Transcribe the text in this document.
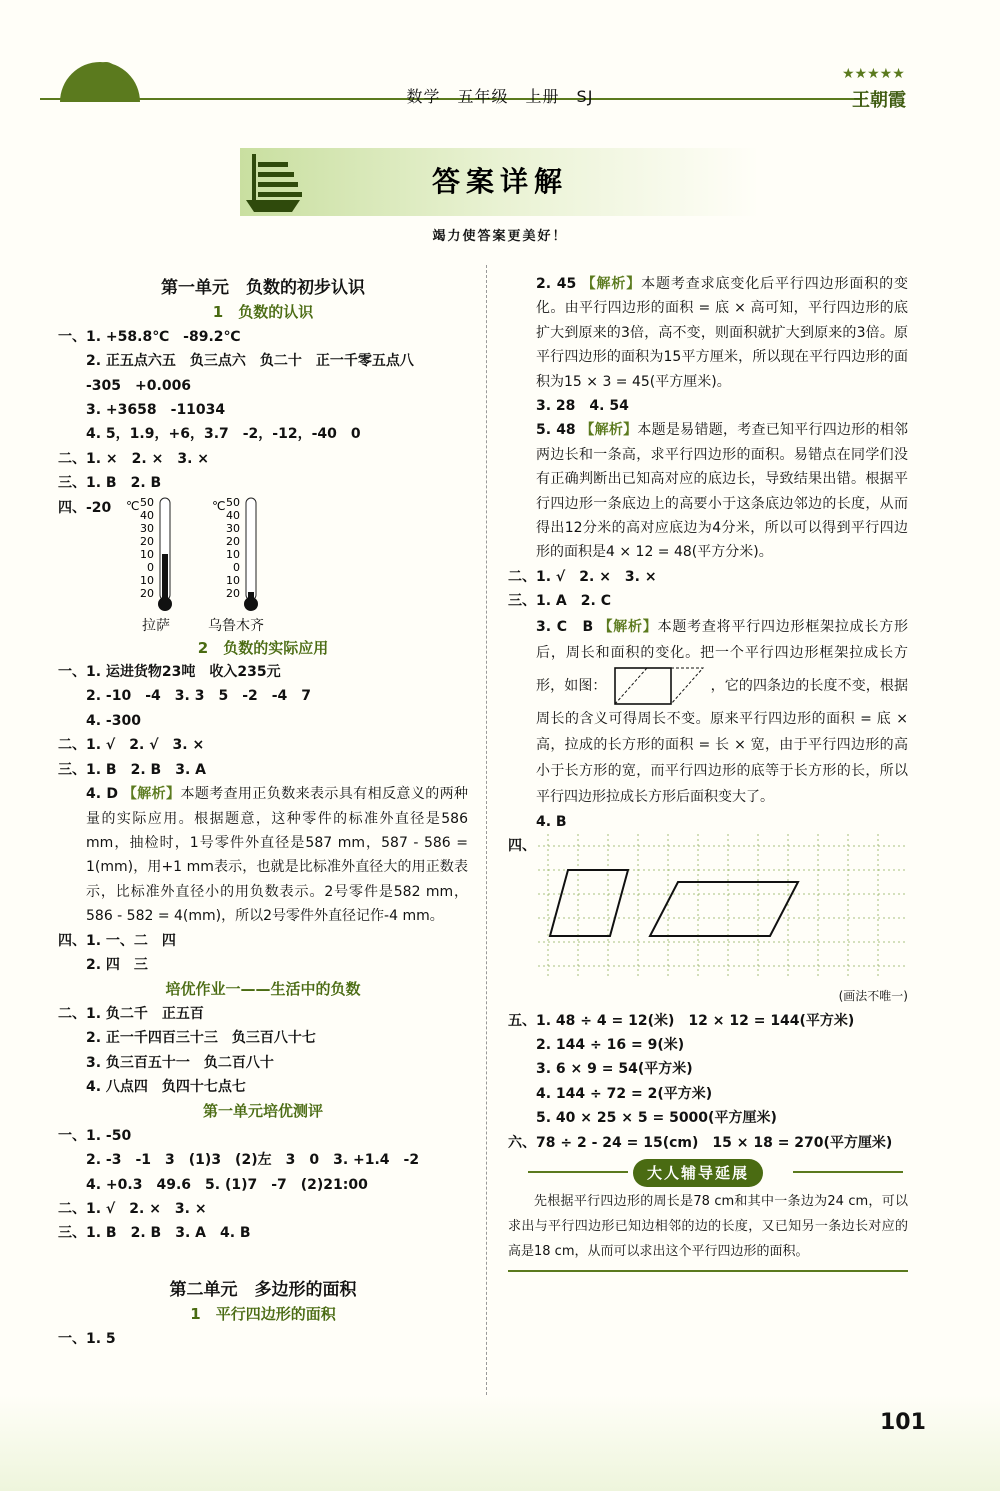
数学　五年级　上册　SJ
★★★★★
王朝霞
答案详解
竭力使答案更美好！
第一单元　负数的初步认识
1　负数的认识
一、1. +58.8℃　-89.2℃
2. 正五点六五　负三点六　负二十　正一千零五点八
-305　+0.006
3. +3658　-11034
4. 5，1.9，+6，3.7　-2，-12，-40　0
二、1. ×　2. ×　3. ×
三、1. B　2. B
四、-20 ℃ 50
40
30
20
10
0
10
20
℃ 50
40
30
20
10
0
10
20
拉萨	乌鲁木齐
2　负数的实际应用
一、1. 运进货物23吨　收入235元
2. -10　-4　3. 3　5　-2　-4　7
4. -300
二、1. √　2. √　3. ×
三、1. B　2. B　3. A
4. D 【解析】本题考查用正负数来表示具有相反意义的两种量的实际应用。根据题意，这种零件的标准外直径是586 mm，抽检时，1号零件外直径是587 mm，587 - 586 = 1(mm)，用+1 mm表示，也就是比标准外直径大的用正数表示，比标准外直径小的用负数表示。2号零件是582 mm，586 - 582 = 4(mm)，所以2号零件外直径记作-4 mm。
四、1. 一、二　四
2. 四　三
培优作业一——生活中的负数
二、1. 负二千　正五百
2. 正一千四百三十三　负三百八十七
3. 负三百五十一　负二百八十
4. 八点四　负四十七点七
第一单元培优测评
一、1. -50
2. -3　-1　3　(1)3　(2)左　3　0　3. +1.4　-2
4. +0.3　49.6　5. (1)7　-7　(2)21:00
二、1. √　2. ×　3. ×
三、1. B　2. B　3. A　4. B
第二单元　多边形的面积
1　平行四边形的面积
一、1. 5
2. 45 【解析】本题考查求底变化后平行四边形面积的变化。由平行四边形的面积 = 底 × 高可知，平行四边形的底扩大到原来的3倍，高不变，则面积就扩大到原来的3倍。原平行四边形的面积为15平方厘米，所以现在平行四边形的面积为15 × 3 = 45(平方厘米)。
3. 28　4. 54
5. 48 【解析】本题是易错题，考查已知平行四边形的相邻两边长和一条高，求平行四边形的面积。易错点在同学们没有正确判断出已知高对应的底边长，导致结果出错。根据平行四边形一条底边上的高要小于这条底边邻边的长度，从而得出12分米的高对应底边为4分米，所以可以得到平行四边形的面积是4 × 12 = 48(平方分米)。
二、1. √　2. ×　3. ×
三、1. A　2. C
3. C　B 【解析】本题考查将平行四边形框架拉成长方形后，周长和面积的变化。把一个平行四边形框架拉成长方形，如图：	，它的四条边的长度不变，根据周长的含义可得周长不变。原来平行四边形的面积 = 底 × 高，拉成的长方形的面积 = 长 × 宽，由于平行四边形的高小于长方形的宽，而平行四边形的底等于长方形的长，所以平行四边形拉成长方形后面积变大了。
4. B
四、
(画法不唯一)
五、1. 48 ÷ 4 = 12(米)　12 × 12 = 144(平方米)
2. 144 ÷ 16 = 9(米)
3. 6 × 9 = 54(平方米)
4. 144 ÷ 72 = 2(平方米)
5. 40 × 25 × 5 = 5000(平方厘米)
六、78 ÷ 2 - 24 = 15(cm)　15 × 18 = 270(平方厘米)
大人辅导延展
先根据平行四边形的周长是78 cm和其中一条边为24 cm，可以求出与平行四边形已知边相邻的边的长度，又已知另一条边长对应的高是18 cm，从而可以求出这个平行四边形的面积。
101
